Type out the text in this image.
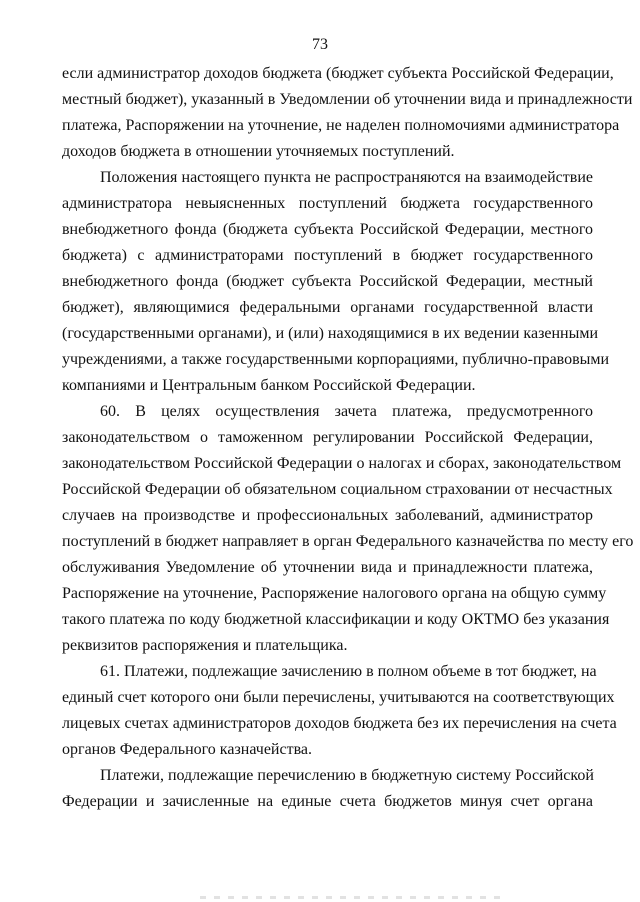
73
если администратор доходов бюджета (бюджет субъекта Российской Федерации,
местный бюджет), указанный в Уведомлении об уточнении вида и принадлежности
платежа, Распоряжении на уточнение, не наделен полномочиями администратора
доходов бюджета в отношении уточняемых поступлений.
Положения настоящего пункта не распространяются на взаимодействие
администратора невыясненных поступлений бюджета государственного
внебюджетного фонда (бюджета субъекта Российской Федерации, местного
бюджета) с администраторами поступлений в бюджет государственного
внебюджетного фонда (бюджет субъекта Российской Федерации, местный
бюджет), являющимися федеральными органами государственной власти
(государственными органами), и (или) находящимися в их ведении казенными
учреждениями, а также государственными корпорациями, публично-правовыми
компаниями и Центральным банком Российской Федерации.
60. В целях осуществления зачета платежа, предусмотренного
законодательством о таможенном регулировании Российской Федерации,
законодательством Российской Федерации о налогах и сборах, законодательством
Российской Федерации об обязательном социальном страховании от несчастных
случаев на производстве и профессиональных заболеваний, администратор
поступлений в бюджет направляет в орган Федерального казначейства по месту его
обслуживания Уведомление об уточнении вида и принадлежности платежа,
Распоряжение на уточнение, Распоряжение налогового органа на общую сумму
такого платежа по коду бюджетной классификации и коду ОКТМО без указания
реквизитов распоряжения и плательщика.
61. Платежи, подлежащие зачислению в полном объеме в тот бюджет, на
единый счет которого они были перечислены, учитываются на соответствующих
лицевых счетах администраторов доходов бюджета без их перечисления на счета
органов Федерального казначейства.
Платежи, подлежащие перечислению в бюджетную систему Российской
Федерации и зачисленные на единые счета бюджетов минуя счет органа
